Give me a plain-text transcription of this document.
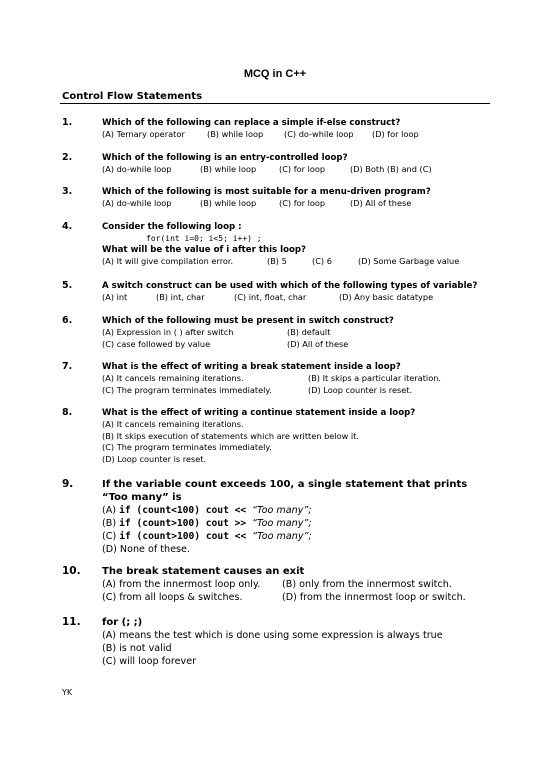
MCQ in C++
Control Flow Statements
1.	Which of the following can replace a simple if-else construct?
(A) Ternary operator	(B) while loop	(C) do-while loop (D) for loop
2.	Which of the following is an entry-controlled loop?
(A) do-while loop	(B) while loop	(C) for loop	(D) Both (B) and (C)
3.	Which of the following is most suitable for a menu-driven program?
(A) do-while loop	(B) while loop	(C) for loop	(D) All of these
4.	Consider the following loop :
for(int i=0; i<5; i++) ;
What will be the value of i after this loop?
(A) It will give compilation error.	(B) 5	(C) 6	(D) Some Garbage value
5.	A switch construct can be used with which of the following types of variable?
(A) int	(B) int, char	(C) int, float, char	(D) Any basic datatype
6.	Which of the following must be present in switch construct?
(A) Expression in ( ) after switch	(B) default
(C) case followed by value	(D) All of these
7.	What is the effect of writing a break statement inside a loop?
(A) It cancels remaining iterations.	(B) It skips a particular iteration.
(C) The program terminates immediately.	(D) Loop counter is reset.
8.	What is the effect of writing a continue statement inside a loop?
(A) It cancels remaining iterations.
(B) It skips execution of statements which are written below it.
(C) The program terminates immediately.
(D) Loop counter is reset.
9.	If the variable count exceeds 100, a single statement that prints “Too many” is
(A) if (count<100) cout << “Too many”;
(B) if (count>100) cout >> “Too many”;
(C) if (count>100) cout << “Too many”;
(D) None of these.
10. The break statement causes an exit
(A) from the innermost loop only. (B) only from the innermost switch.
(C) from all loops & switches.	(D) from the innermost loop or switch.
11. for (; ;)
(A) means the test which is done using some expression is always true
(B) is not valid
(C) will loop forever
YK
